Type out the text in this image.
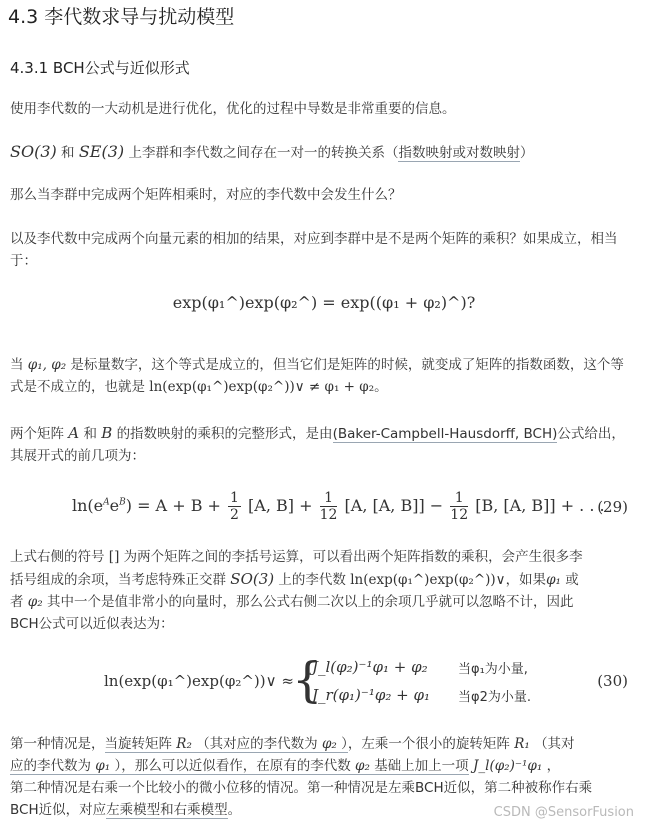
4.3 李代数求导与扰动模型
4.3.1 BCH公式与近似形式
使用李代数的一大动机是进行优化，优化的过程中导数是非常重要的信息。
SO(3) 和 SE(3) 上李群和李代数之间存在一对一的转换关系（指数映射或对数映射）
那么当李群中完成两个矩阵相乘时，对应的李代数中会发生什么？
以及李代数中完成两个向量元素的相加的结果，对应到李群中是不是两个矩阵的乘积？如果成立，相当于：
exp(φ₁^)exp(φ₂^) = exp((φ₁ + φ₂)^)?
当 φ₁, φ₂ 是标量数字，这个等式是成立的，但当它们是矩阵的时候，就变成了矩阵的指数函数，这个等式是不成立的，也就是 ln(exp(φ₁^)exp(φ₂^))∨ ≠ φ₁ + φ₂。
两个矩阵 A 和 B 的指数映射的乘积的完整形式，是由(Baker-Campbell-Hausdorff, BCH)公式给出，其展开式的前几项为：
$\ln(e^Ae^B) = A + B + \frac{1}{2} [A$, $B] + \frac{1}{12} [A$, [A, $B]] - \frac{1}{12} [B$, [A, B]] + . . .
(29)
上式右侧的符号 [] 为两个矩阵之间的李括号运算，可以看出两个矩阵指数的乘积，会产生很多李
括号组成的余项，当考虑特殊正交群 SO(3) 上的李代数 ln(exp(φ₁^)exp(φ₂^))∨，如果φ₁ 或
者 φ₂ 其中一个是值非常小的向量时，那么公式右侧二次以上的余项几乎就可以忽略不计，因此
BCH公式可以近似表达为：
ln(exp(φ₁^)exp(φ₂^))∨ ≈
{
J_l(φ₂)⁻¹φ₁ + φ₂ 当φ₁为小量,
J_r(φ₁)⁻¹φ₂ + φ₁ 当φ2为小量.
(30)
第一种情况是，当旋转矩阵 R₂ （其对应的李代数为 φ₂ ），左乘一个很小的旋转矩阵 R₁ （其对
应的李代数为 φ₁ ），那么可以近似看作，在原有的李代数 φ₂ 基础上加上一项 J_l(φ₂)⁻¹φ₁ ，
第二种情况是右乘一个比较小的微小位移的情况。第一种情况是左乘BCH近似，第二种被称作右乘
BCH近似，对应左乘模型和右乘模型。	CSDN @SensorFusion
